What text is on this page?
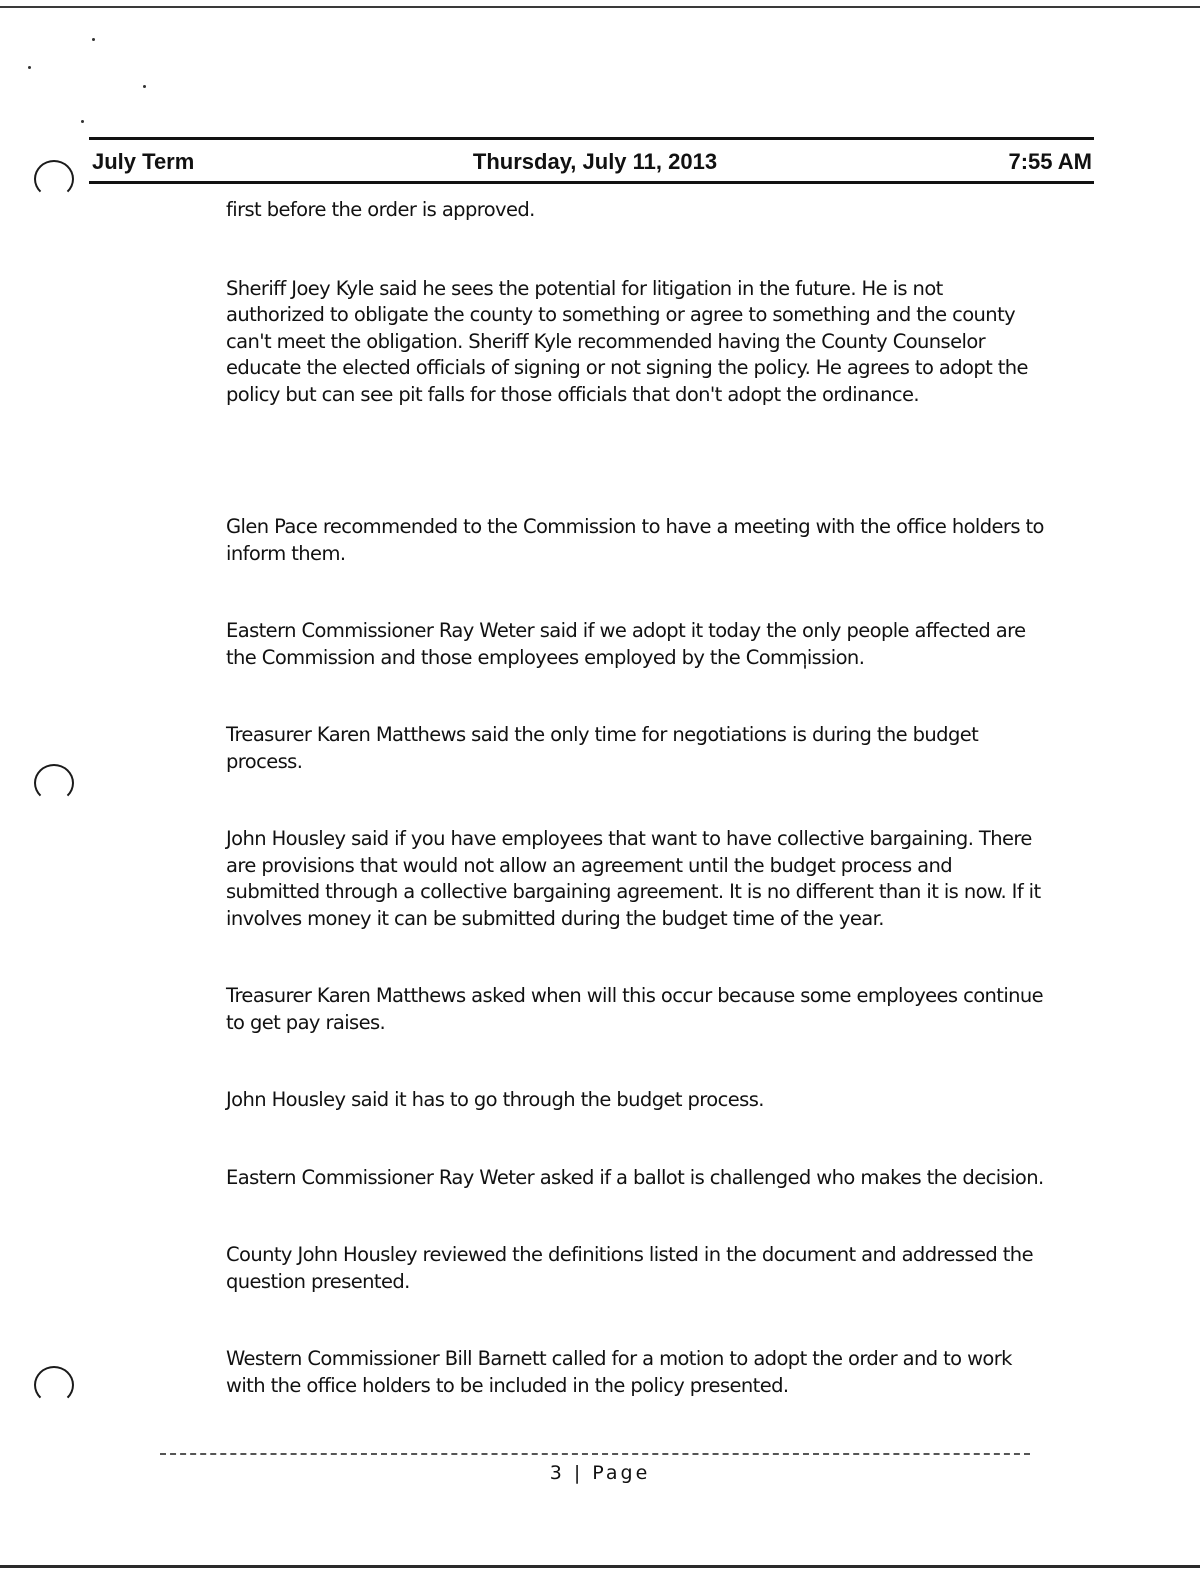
July Term	Thursday, July 11, 2013	7:55 AM

first before the order is approved.

Sheriff Joey Kyle said he sees the potential for litigation in the future. He is not authorized to obligate the county to something or agree to something and the county can't meet the obligation. Sheriff Kyle recommended having the County Counselor educate the elected officials of signing or not signing the policy. He agrees to adopt the policy but can see pit falls for those officials that don't adopt the ordinance.

Glen Pace recommended to the Commission to have a meeting with the office holders to inform them.

Eastern Commissioner Ray Weter said if we adopt it today the only people affected are the Commission and those employees employed by the Commission.

Treasurer Karen Matthews said the only time for negotiations is during the budget process.

John Housley said if you have employees that want to have collective bargaining. There are provisions that would not allow an agreement until the budget process and submitted through a collective bargaining agreement. It is no different than it is now. If it involves money it can be submitted during the budget time of the year.

Treasurer Karen Matthews asked when will this occur because some employees continue to get pay raises.

John Housley said it has to go through the budget process.

Eastern Commissioner Ray Weter asked if a ballot is challenged who makes the decision.

County John Housley reviewed the definitions listed in the document and addressed the question presented.

Western Commissioner Bill Barnett called for a motion to adopt the order and to work with the office holders to be included in the policy presented.

3 | Page
